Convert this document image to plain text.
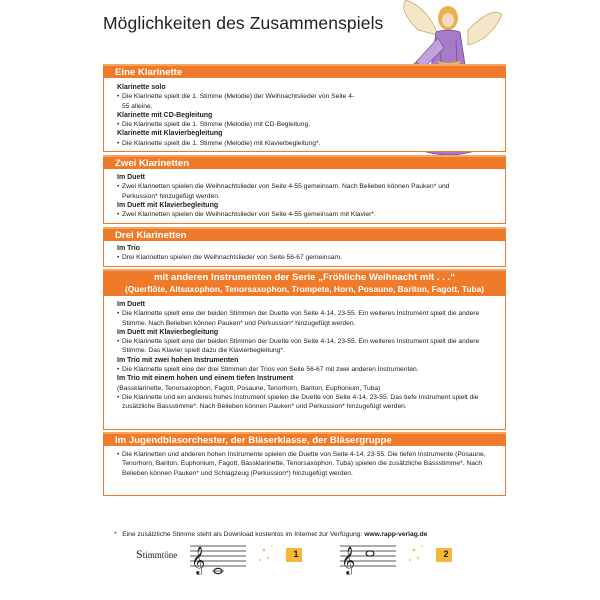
Möglichkeiten des Zusammenspiels
Eine Klarinette
Klarinette solo
• Die Klarinette spielt die 1. Stimme (Melodie) der Weihnachtslieder von Seite 4-55 alleine.
Klarinette mit CD-Begleitung
• Die Klarinette spielt die 1. Stimme (Melodie) mit CD-Begleitung.
Klarinette mit Klavierbegleitung
• Die Klarinette spielt die 1. Stimme (Melodie) mit Klavierbegleitung*.
Zwei Klarinetten
Im Duett
• Zwei Klarinetten spielen die Weihnachtslieder von Seite 4-55 gemeinsam. Nach Belieben können Pauken* und Perkussion* hinzugefügt werden.
Im Duett mit Klavierbegleitung
• Zwei Klarinetten spielen die Weihnachtslieder von Seite 4-55 gemeinsam mit Klavier*.
Drei Klarinetten
Im Trio
• Drei Klarinetten spielen die Weihnachtslieder von Seite 56-67 gemeinsam.
mit anderen Instrumenten der Serie „Fröhliche Weihnacht mit . . .“
(Querflöte, Altsaxophon, Tenorsaxophon, Trompete, Horn, Posaune, Bariton, Fagott, Tuba)
Im Duett
• Die Klarinette spielt eine der beiden Stimmen der Duette von Seite 4-14, 23-55. Ein weiteres Instrument spielt die andere Stimme. Nach Belieben können Pauken* und Perkussion* hinzugefügt werden.
Im Duett mit Klavierbegleitung
• Die Klarinette spielt eine der beiden Stimmen der Duette von Seite 4-14, 23-55. Ein weiteres Instrument spielt die andere Stimme. Das Klavier spielt dazu die Klavierbegleitung*.
Im Trio mit zwei hohen Instrumenten
• Die Klarinette spielt eine der drei Stimmen der Trios von Seite 56-67 mit zwei anderen Instrumenten.
Im Trio mit einem hohen und einem tiefen Instrument
(Bassklarinette, Tenorsaxophon, Fagott, Posaune, Tenorhorn, Bariton, Euphonium, Tuba)
• Die Klarinette und ein anderes hohes Instrument spielen die Duette von Seite 4-14, 23-55. Das tiefe Instrument spielt die zusätzliche Bassstimme*. Nach Belieben können Pauken* und Perkussion* hinzugefügt werden.
Im Jugendblasorchester, der Bläserklasse, der Bläsergruppe
• Die Klarinetten und anderen hohen Instrumente spielen die Duette von Seite 4-14, 23-55. Die tiefen Instrumente (Posaune, Tenorhorn, Bariton, Euphonium, Fagott, Bassklarinette, Tenorsaxophon, Tuba) spielen die zusätzliche Bassstimme*. Nach Belieben können Pauken* und Schlagzeug (Perkussion*) hinzugefügt werden.
* Eine zusätzliche Stimme steht als Download kostenlos im Internet zur Verfügung: www.rapp-verlag.de
Stimmtöne 𝄞	1 𝄞	2
